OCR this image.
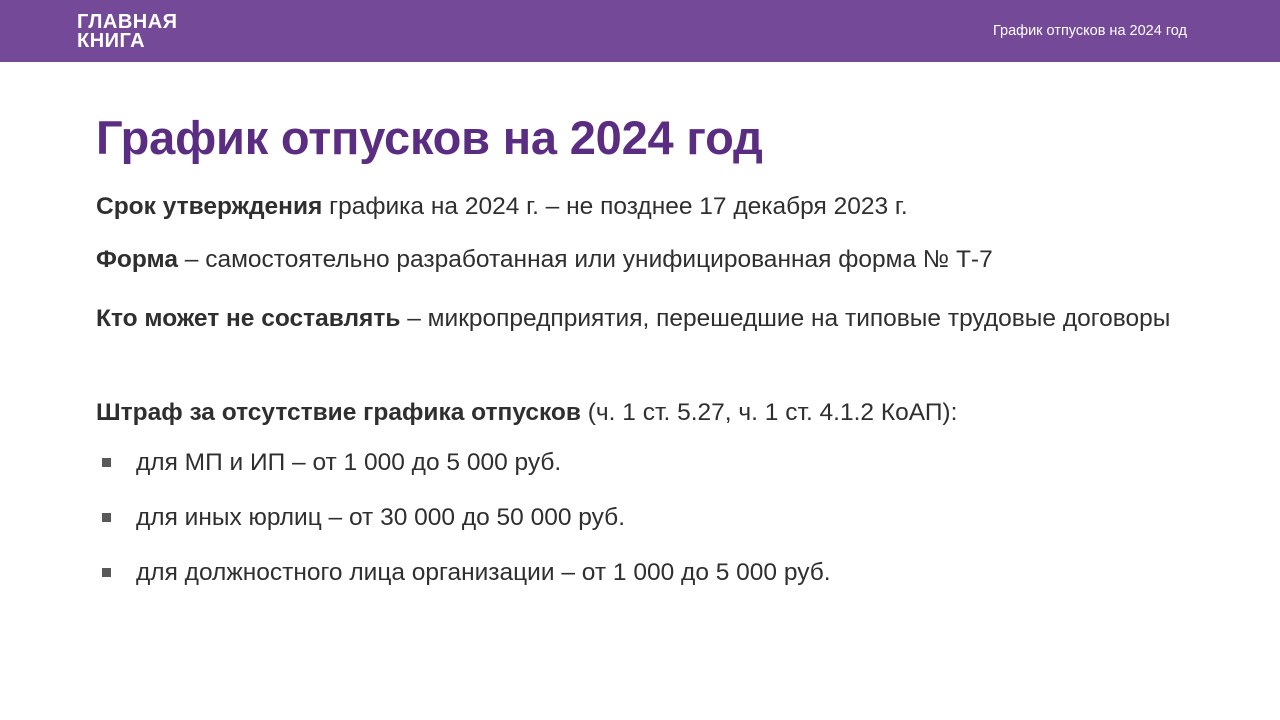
ГЛАВНАЯ
КНИГА	График отпусков на 2024 год
График отпусков на 2024 год
Срок утверждения графика на 2024 г. – не позднее 17 декабря 2023 г.
Форма – самостоятельно разработанная или унифицированная форма № Т-7
Кто может не составлять – микропредприятия, перешедшие на типовые трудовые договоры
Штраф за отсутствие графика отпусков (ч. 1 ст. 5.27, ч. 1 ст. 4.1.2 КоАП):
для МП и ИП – от 1 000 до 5 000 руб.
для иных юрлиц – от 30 000 до 50 000 руб.
для должностного лица организации – от 1 000 до 5 000 руб.
